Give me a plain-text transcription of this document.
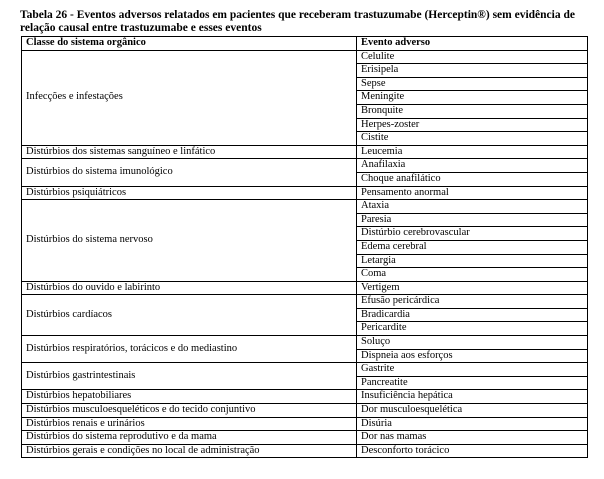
Tabela 26 - Eventos adversos relatados em pacientes que receberam trastuzumabe (Herceptin®) sem evidência de relação causal entre trastuzumabe e esses eventos
Classe do sistema orgânico	Evento adverso
Infecções e infestações	Celulite
	Erisipela
	Sepse
	Meningite
	Bronquite
	Herpes-zoster
	Cistite
Distúrbios dos sistemas sanguíneo e linfático	Leucemia
Distúrbios do sistema imunológico	Anafilaxia
	Choque anafilático
Distúrbios psiquiátricos	Pensamento anormal
Distúrbios do sistema nervoso	Ataxia
	Paresia
	Distúrbio cerebrovascular
	Edema cerebral
	Letargia
	Coma
Distúrbios do ouvido e labirinto	Vertigem
Distúrbios cardíacos	Efusão pericárdica
	Bradicardia
	Pericardite
Distúrbios respiratórios, torácicos e do mediastino	Soluço
	Dispneia aos esforços
Distúrbios gastrintestinais	Gastrite
	Pancreatite
Distúrbios hepatobiliares	Insuficiência hepática
Distúrbios musculoesqueléticos e do tecido conjuntivo	Dor musculoesquelética
Distúrbios renais e urinários	Disúria
Distúrbios do sistema reprodutivo e da mama	Dor nas mamas
Distúrbios gerais e condições no local de administração	Desconforto torácico
